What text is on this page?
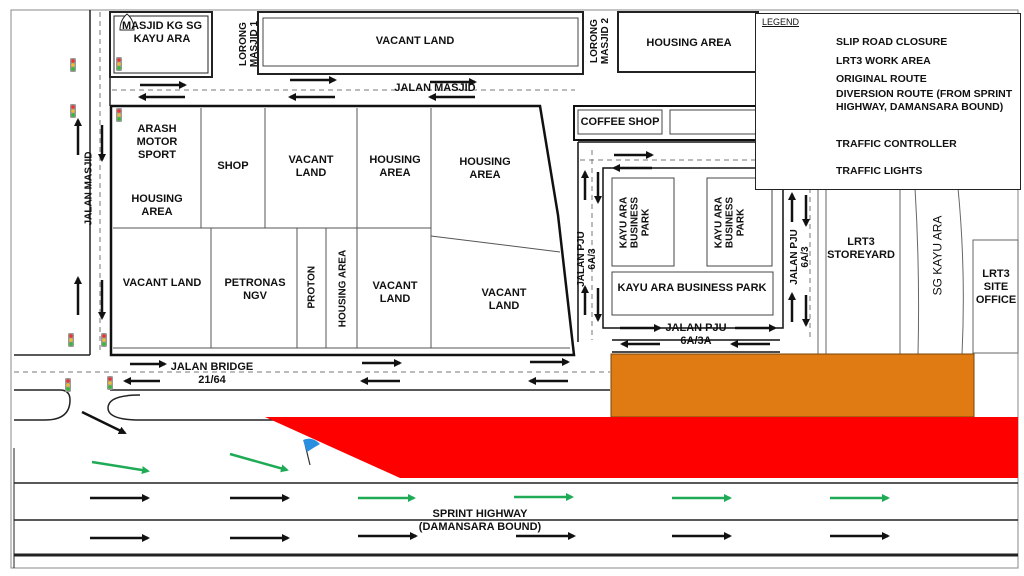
LEGEND
SLIP ROAD CLOSURE
LRT3 WORK AREA
ORIGINAL ROUTE
DIVERSION ROUTE (FROM SPRINT HIGHWAY, DAMANSARA BOUND)
TRAFFIC CONTROLLER
TRAFFIC LIGHTS
MASJID KG SG KAYU ARA	VACANT LAND	HOUSING AREA
COFFEE SHOP
ARASH MOTOR SPORT
HOUSING AREA
SHOP	VACANT LAND
HOUSING AREA
HOUSING AREA
VACANT LAND	PETRONAS NGV	PROTON HOUSING AREA	VACANT LAND	VACANT LAND
KAYU ARA BUSINESS PARK	KAYU ARA BUSINESS PARK
KAYU ARA BUSINESS PARK
LRT3 STOREYARD	SG KAYU ARA	LRT3 SITE OFFICE
LORONG MASJID 1	LORONG MASJID 2
JALAN MASJID
JALAN MASJID
JALAN PJU 6A/3	JALAN PJU 6A/3
JALAN PJU 6A/3A
JALAN BRIDGE 21/64
SPRINT HIGHWAY (DAMANSARA BOUND)
